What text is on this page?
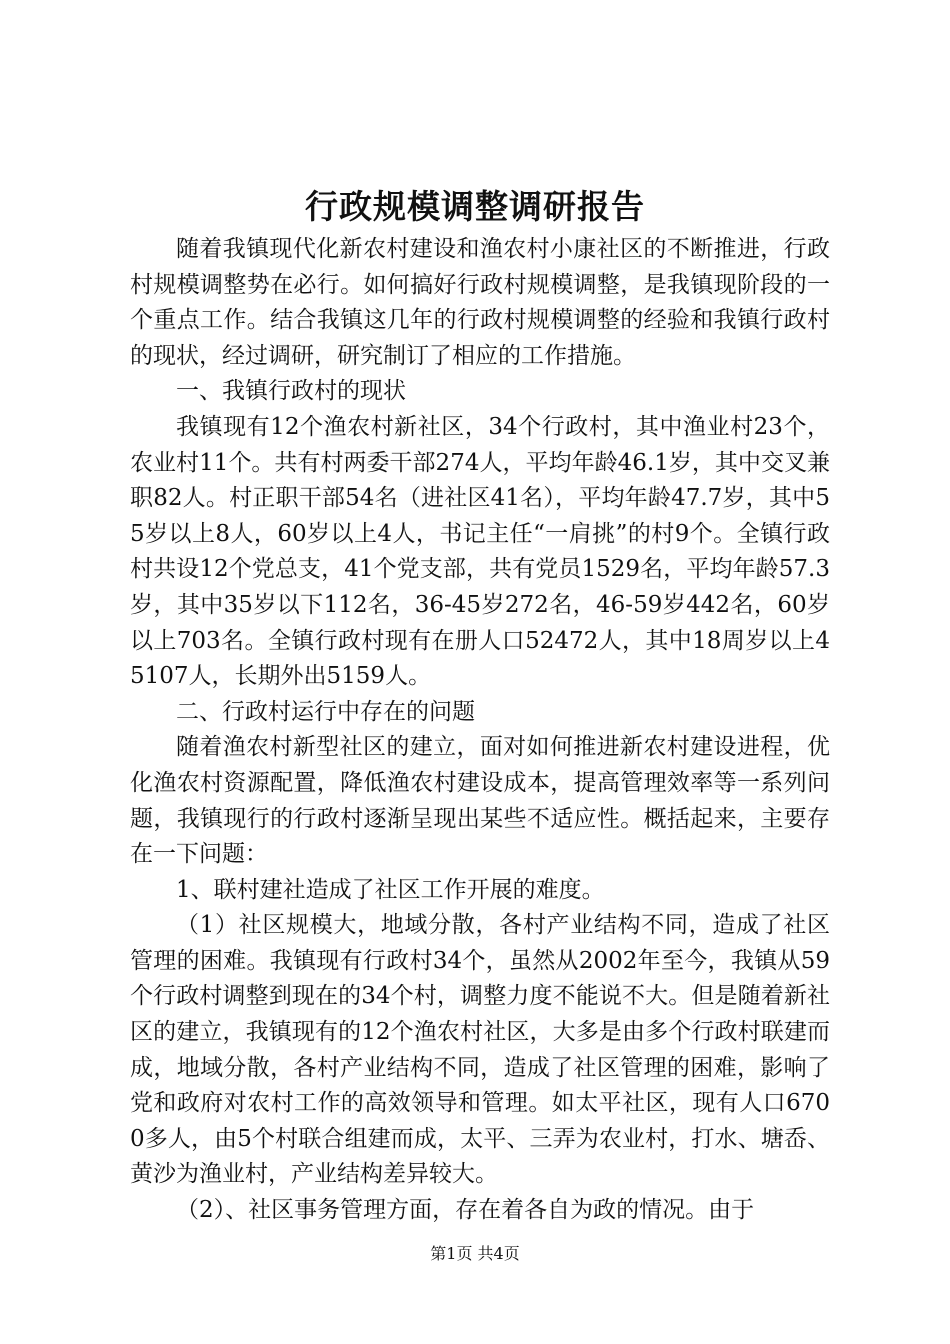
行政规模调整调研报告

随着我镇现代化新农村建设和渔农村小康社区的不断推进，行政村规模调整势在必行。如何搞好行政村规模调整，是我镇现阶段的一个重点工作。结合我镇这几年的行政村规模调整的经验和我镇行政村的现状，经过调研，研究制订了相应的工作措施。

一、我镇行政村的现状

我镇现有12个渔农村新社区，34个行政村，其中渔业村23个，农业村11个。共有村两委干部274人，平均年龄46.1岁，其中交叉兼职82人。村正职干部54名（进社区41名），平均年龄47.7岁，其中55岁以上8人，60岁以上4人，书记主任“一肩挑”的村9个。全镇行政村共设12个党总支，41个党支部，共有党员1529名，平均年龄57.3岁，其中35岁以下112名，36-45岁272名，46-59岁442名，60岁以上703名。全镇行政村现有在册人口52472人，其中18周岁以上45107人，长期外出5159人。

二、行政村运行中存在的问题

随着渔农村新型社区的建立，面对如何推进新农村建设进程，优化渔农村资源配置，降低渔农村建设成本，提高管理效率等一系列问题，我镇现行的行政村逐渐呈现出某些不适应性。概括起来，主要存在一下问题：

1、联村建社造成了社区工作开展的难度。

（1）社区规模大，地域分散，各村产业结构不同，造成了社区管理的困难。我镇现有行政村34个，虽然从2002年至今，我镇从59个行政村调整到现在的34个村，调整力度不能说不大。但是随着新社区的建立，我镇现有的12个渔农村社区，大多是由多个行政村联建而成，地域分散，各村产业结构不同，造成了社区管理的困难，影响了党和政府对农村工作的高效领导和管理。如太平社区，现有人口6700多人，由5个村联合组建而成，太平、三弄为农业村，打水、塘岙、黄沙为渔业村，产业结构差异较大。

（2）、社区事务管理方面，存在着各自为政的情况。由于

第1页 共4页
